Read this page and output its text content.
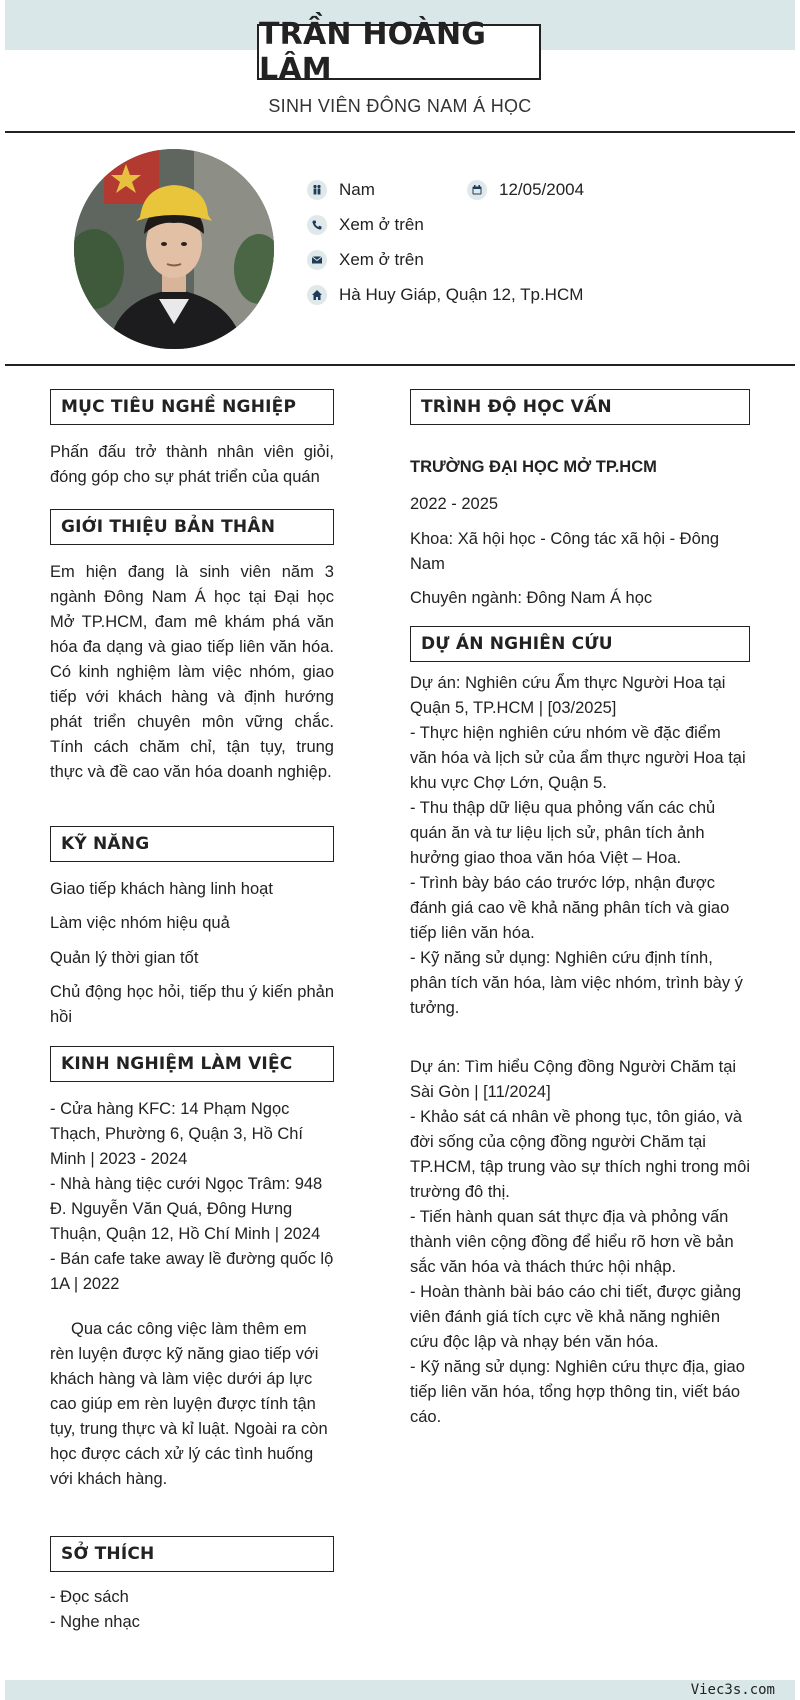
TRẦN HOÀNG LÂM
SINH VIÊN ĐÔNG NAM Á HỌC
Nam	12/05/2004
Xem ở trên
Xem ở trên
Hà Huy Giáp, Quận 12, Tp.HCM
MỤC TIÊU NGHỀ NGHIỆP
Phấn đấu trở thành nhân viên giỏi, đóng góp cho sự phát triển của quán
GIỚI THIỆU BẢN THÂN
Em hiện đang là sinh viên năm 3 ngành Đông Nam Á học tại Đại học Mở TP.HCM, đam mê khám phá văn hóa đa dạng và giao tiếp liên văn hóa. Có kinh nghiệm làm việc nhóm, giao tiếp với khách hàng và định hướng phát triển chuyên môn vững chắc. Tính cách chăm chỉ, tận tụy, trung thực và đề cao văn hóa doanh nghiệp.
KỸ NĂNG
Giao tiếp khách hàng linh hoạt
Làm việc nhóm hiệu quả
Quản lý thời gian tốt
Chủ động học hỏi, tiếp thu ý kiến phản hồi
KINH NGHIỆM LÀM VIỆC
- Cửa hàng KFC: 14 Phạm Ngọc Thạch, Phường 6, Quận 3, Hồ Chí Minh | 2023 - 2024
- Nhà hàng tiệc cưới Ngọc Trâm: 948 Đ. Nguyễn Văn Quá, Đông Hưng Thuận, Quận 12, Hồ Chí Minh | 2024
- Bán cafe take away lề đường quốc lộ 1A | 2022
Qua các công việc làm thêm em rèn luyện được kỹ năng giao tiếp với khách hàng và làm việc dưới áp lực cao giúp em rèn luyện được tính tận tụy, trung thực và kỉ luật. Ngoài ra còn học được cách xử lý các tình huống với khách hàng.
SỞ THÍCH
- Đọc sách
- Nghe nhạc
TRÌNH ĐỘ HỌC VẤN
TRƯỜNG ĐẠI HỌC MỞ TP.HCM
2022 - 2025
Khoa: Xã hội học - Công tác xã hội - Đông Nam
Chuyên ngành: Đông Nam Á học
DỰ ÁN NGHIÊN CỨU
Dự án: Nghiên cứu Ẩm thực Người Hoa tại Quận 5, TP.HCM | [03/2025]
- Thực hiện nghiên cứu nhóm về đặc điểm văn hóa và lịch sử của ẩm thực người Hoa tại khu vực Chợ Lớn, Quận 5.
- Thu thập dữ liệu qua phỏng vấn các chủ quán ăn và tư liệu lịch sử, phân tích ảnh hưởng giao thoa văn hóa Việt – Hoa.
- Trình bày báo cáo trước lớp, nhận được đánh giá cao về khả năng phân tích và giao tiếp liên văn hóa.
- Kỹ năng sử dụng: Nghiên cứu định tính, phân tích văn hóa, làm việc nhóm, trình bày ý tưởng.
Dự án: Tìm hiểu Cộng đồng Người Chăm tại Sài Gòn | [11/2024]
- Khảo sát cá nhân về phong tục, tôn giáo, và đời sống của cộng đồng người Chăm tại TP.HCM, tập trung vào sự thích nghi trong môi trường đô thị.
- Tiến hành quan sát thực địa và phỏng vấn thành viên cộng đồng để hiểu rõ hơn về bản sắc văn hóa và thách thức hội nhập.
- Hoàn thành bài báo cáo chi tiết, được giảng viên đánh giá tích cực về khả năng nghiên cứu độc lập và nhạy bén văn hóa.
- Kỹ năng sử dụng: Nghiên cứu thực địa, giao tiếp liên văn hóa, tổng hợp thông tin, viết báo cáo.
Viec3s.com
